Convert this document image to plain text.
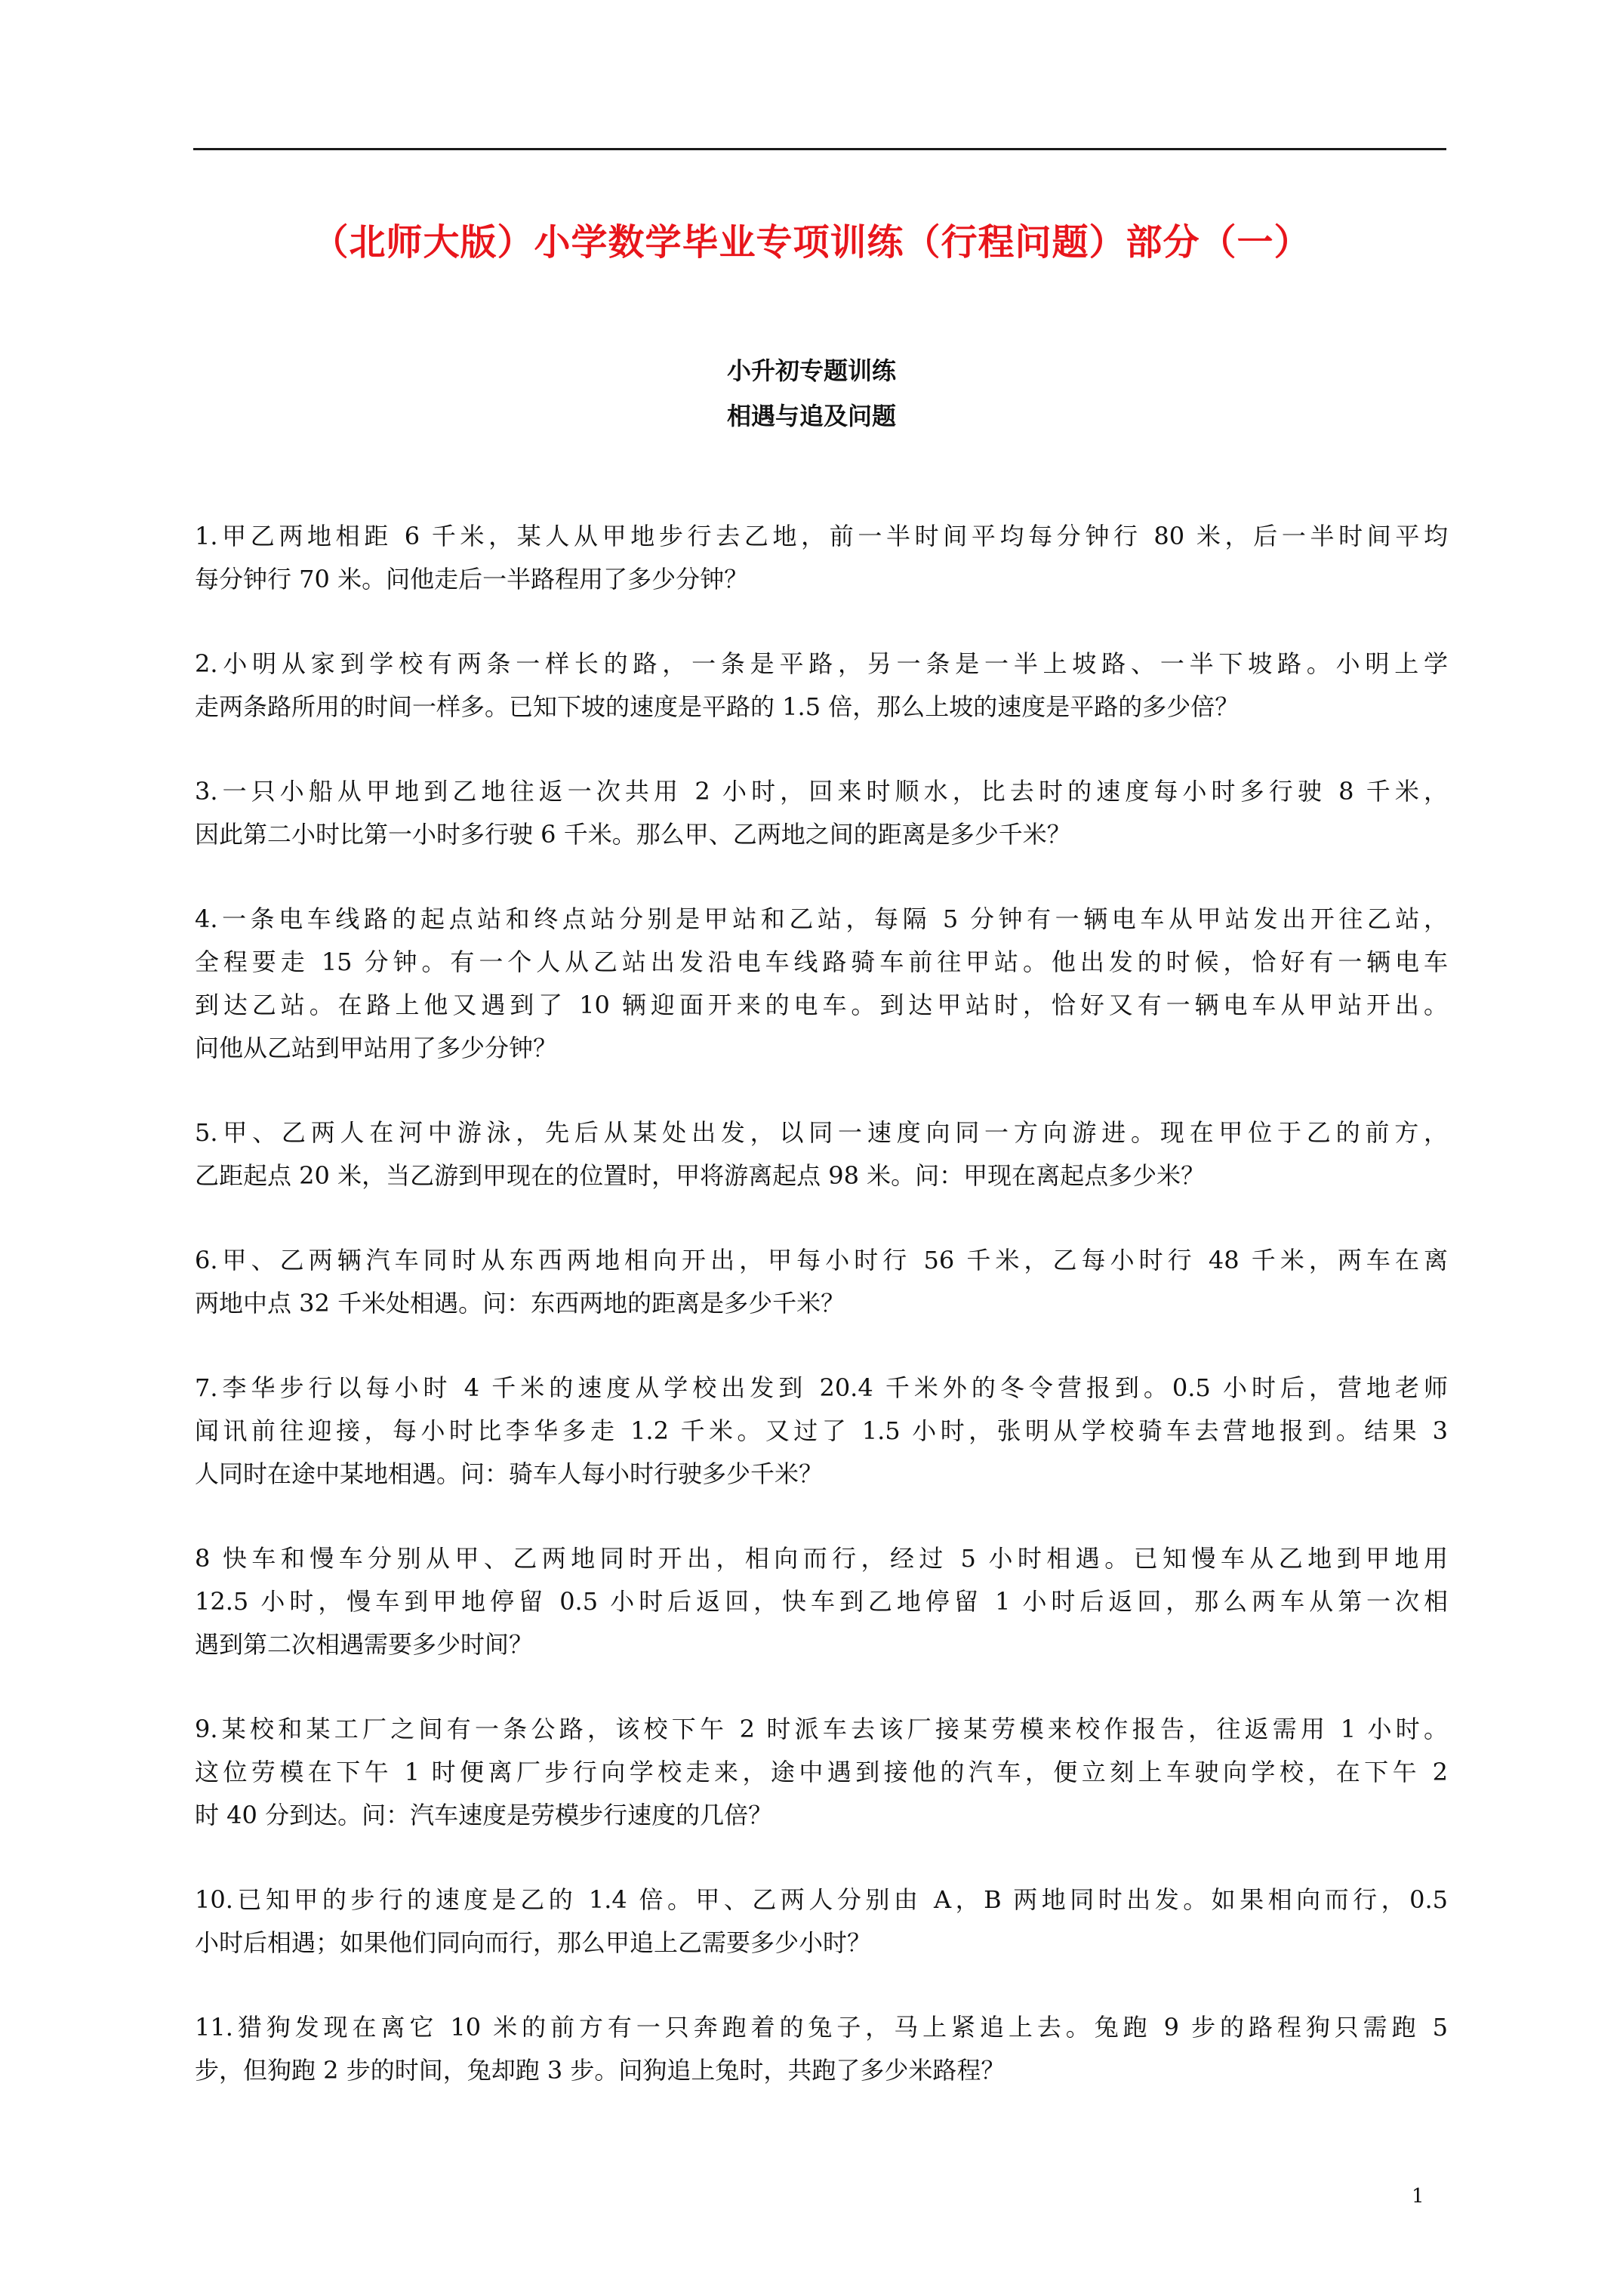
（北师大版）小学数学毕业专项训练（行程问题）部分（一）
小升初专题训练
相遇与追及问题
1.甲乙两地相距 6 千米，某人从甲地步行去乙地，前一半时间平均每分钟行 80 米，后一半时间平均
每分钟行 70 米。问他走后一半路程用了多少分钟？
2.小明从家到学校有两条一样长的路，一条是平路，另一条是一半上坡路、一半下坡路。小明上学
走两条路所用的时间一样多。已知下坡的速度是平路的 1.5 倍，那么上坡的速度是平路的多少倍？
3.一只小船从甲地到乙地往返一次共用 2 小时，回来时顺水，比去时的速度每小时多行驶 8 千米，
因此第二小时比第一小时多行驶 6 千米。那么甲、乙两地之间的距离是多少千米？
4.一条电车线路的起点站和终点站分别是甲站和乙站，每隔 5 分钟有一辆电车从甲站发出开往乙站，
全程要走 15 分钟。有一个人从乙站出发沿电车线路骑车前往甲站。他出发的时候，恰好有一辆电车
到达乙站。在路上他又遇到了 10 辆迎面开来的电车。到达甲站时，恰好又有一辆电车从甲站开出。
问他从乙站到甲站用了多少分钟？
5.甲、乙两人在河中游泳，先后从某处出发，以同一速度向同一方向游进。现在甲位于乙的前方，
乙距起点 20 米，当乙游到甲现在的位置时，甲将游离起点 98 米。问：甲现在离起点多少米？
6.甲、乙两辆汽车同时从东西两地相向开出，甲每小时行 56 千米，乙每小时行 48 千米，两车在离
两地中点 32 千米处相遇。问：东西两地的距离是多少千米？
7.李华步行以每小时 4 千米的速度从学校出发到 20.4 千米外的冬令营报到。0.5 小时后，营地老师
闻讯前往迎接，每小时比李华多走 1.2 千米。又过了 1.5 小时，张明从学校骑车去营地报到。结果 3
人同时在途中某地相遇。问：骑车人每小时行驶多少千米？
8 快车和慢车分别从甲、乙两地同时开出，相向而行，经过 5 小时相遇。已知慢车从乙地到甲地用
12.5 小时，慢车到甲地停留 0.5 小时后返回，快车到乙地停留 1 小时后返回，那么两车从第一次相
遇到第二次相遇需要多少时间？
9.某校和某工厂之间有一条公路，该校下午 2 时派车去该厂接某劳模来校作报告，往返需用 1 小时。
这位劳模在下午 1 时便离厂步行向学校走来，途中遇到接他的汽车，便立刻上车驶向学校，在下午 2
时 40 分到达。问：汽车速度是劳模步行速度的几倍？
10.已知甲的步行的速度是乙的 1.4 倍。甲、乙两人分别由 A，B 两地同时出发。如果相向而行，0.5
小时后相遇；如果他们同向而行，那么甲追上乙需要多少小时？
11.猎狗发现在离它 10 米的前方有一只奔跑着的兔子，马上紧追上去。兔跑 9 步的路程狗只需跑 5
步，但狗跑 2 步的时间，兔却跑 3 步。问狗追上兔时，共跑了多少米路程？
1
